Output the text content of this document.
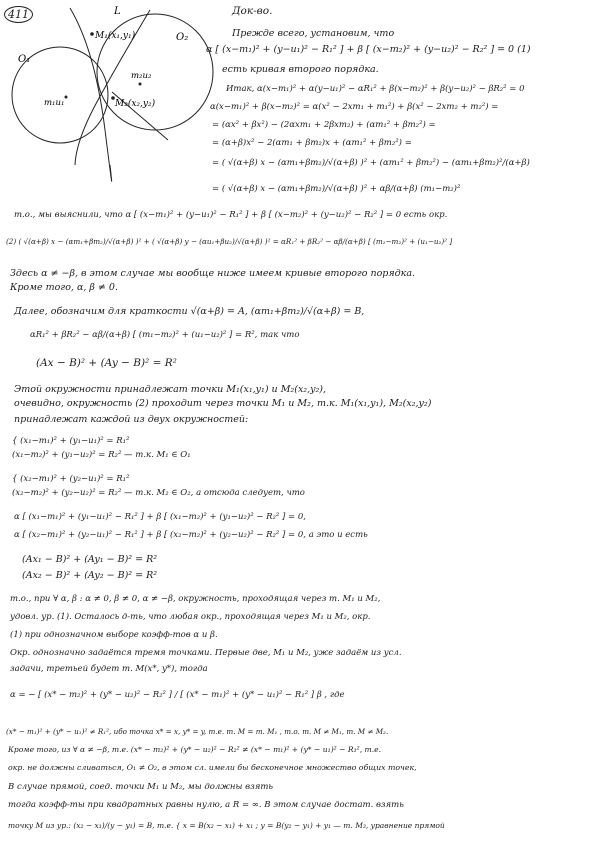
411	L
O₁
O₂
M₁(x₁,y₁)
m₁u₁
m₂u₂
M₂(x₂,y₂)
Док-во.
Прежде всего, установим, что
α [ (x−m₁)² + (y−u₁)² − R₁² ] + β [ (x−m₂)² + (y−u₂)² − R₂² ] = 0 (1)
есть кривая второго порядка.
Итак, α(x−m₁)² + α(y−u₁)² − αR₁² + β(x−m₂)² + β(y−u₂)² − βR₂² = 0
α(x−m₁)² + β(x−m₂)² = α(x² − 2xm₁ + m₁²) + β(x² − 2xm₂ + m₂²) =
= (αx² + βx²) − (2αxm₁ + 2βxm₂) + (αm₁² + βm₂²) =
= (α+β)x² − 2(αm₁ + βm₂)x + (αm₁² + βm₂²) =
= ( √(α+β) x − (αm₁+βm₂)/√(α+β) )² + (αm₁² + βm₂²) − (αm₁+βm₂)²/(α+β)
= ( √(α+β) x − (αm₁+βm₂)/√(α+β) )² + αβ/(α+β) (m₁−m₂)²
т.о., мы выяснили, что α [ (x−m₁)² + (y−u₁)² − R₁² ] + β [ (x−m₂)² + (y−u₂)² − R₂² ] = 0 есть окр.
(2) ( √(α+β) x − (αm₁+βm₂)/√(α+β) )² + ( √(α+β) y − (αu₁+βu₂)/√(α+β) )² = αR₁² + βR₂² − αβ/(α+β) [ (m₁−m₂)² + (u₁−u₂)² ]
Здесь α ≠ −β, в этом случае мы вообще ниже имеем кривые второго порядка.
Кроме того, α, β ≠ 0.
Далее, обозначим для краткости √(α+β) = A, (αm₁+βm₂)/√(α+β) = B,
αR₁² + βR₂² − αβ/(α+β) [ (m₁−m₂)² + (u₁−u₂)² ] = R², так что
(Ax − B)² + (Ay − B)² = R²
Этой окружности принадлежат точки M₁(x₁,y₁) и M₂(x₂,y₂),
очевидно, окружность (2) проходит через точки M₁ и M₂, т.к. M₁(x₁,y₁), M₂(x₂,y₂)
принадлежат каждой из двух окружностей:
{ (x₁−m₁)² + (y₁−u₁)² = R₁²
(x₁−m₂)² + (y₁−u₂)² = R₂² — т.к. M₁ ∈ O₁
{ (x₂−m₁)² + (y₂−u₁)² = R₁²
(x₂−m₂)² + (y₂−u₂)² = R₂² — т.к. M₂ ∈ O₂, а отсюда следует, что
α [ (x₁−m₁)² + (y₁−u₁)² − R₁² ] + β [ (x₁−m₂)² + (y₁−u₂)² − R₂² ] = 0,
α [ (x₂−m₁)² + (y₂−u₁)² − R₁² ] + β [ (x₂−m₂)² + (y₂−u₂)² − R₂² ] = 0, а это и есть
(Ax₁ − B)² + (Ay₁ − B)² = R²
(Ax₂ − B)² + (Ay₂ − B)² = R²
т.о., при ∀ α, β : α ≠ 0, β ≠ 0, α ≠ −β, окружность, проходящая через т. M₁ и M₂,
удовл. ур. (1). Осталось д-ть, что любая окр., проходящая через M₁ и M₂, окр.
(1) при однозначном выборе коэфф-тов α и β.
Окр. однозначно задаётся тремя точками. Первые две, M₁ и M₂, уже задаём из усл.
задачи, третьей будет т. M(x*, y*), тогда
α = − [ (x* − m₂)² + (y* − u₂)² − R₂² ] / [ (x* − m₁)² + (y* − u₁)² − R₁² ] β , где
(x* − m₁)² + (y* − u₁)² ≠ R₁², ибо точка x* = x, y* = y, т.е. т. M = т. M₁ , т.о. т. M ≠ M₁, т. M ≠ M₂.
Кроме того, из ∀ α ≠ −β, т.е. (x* − m₂)² + (y* − u₂)² − R₂² ≠ (x* − m₁)² + (y* − u₁)² − R₁², т.е.
окр. не должны сливаться, O₁ ≠ O₂, в этом сл. имели бы бесконечное множество общих точек,
В случае прямой, соед. точки M₁ и M₂, мы должны взять
тогда коэфф-ты при квадратных равны нулю, а R = ∞. В этом случае достат. взять
точку M из ур.: (x₂ − x₁)/(y − y₁) = B, т.е. { x = B(x₂ − x₁) + x₁ ; y = B(y₂ − y₁) + y₁ — т. M₃, уравнение прямой
